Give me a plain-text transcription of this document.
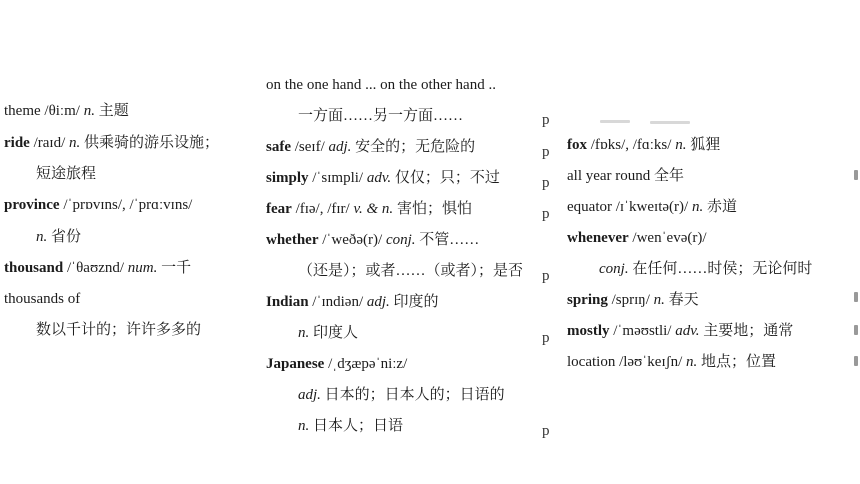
theme /θiːm/ n. 主题
ride /raɪd/ n. 供乘骑的游乐设施；
短途旅程
province /ˈprɒvɪns/, /ˈprɑːvɪns/
n. 省份
thousand /ˈθaʊznd/ num. 一千
thousands of
数以千计的；许许多多的
on the one hand ... on the other hand ..
一方面……另一方面……
safe /seɪf/ adj. 安全的；无危险的
simply /ˈsɪmpli/ adv. 仅仅；只；不过
fear /fɪə/, /fɪr/ v. & n. 害怕；惧怕
whether /ˈweðə(r)/ conj. 不管……
（还是）；或者……（或者）；是否
Indian /ˈɪndiən/ adj. 印度的
n. 印度人
Japanese /ˌdʒæpəˈniːz/
adj. 日本的；日本人的；日语的
n. 日本人；日语
p
p
p
p
p
p
p
fox /fɒks/, /fɑːks/ n. 狐狸
all year round 全年
equator /ɪˈkweɪtə(r)/ n. 赤道
whenever /wenˈevə(r)/
conj. 在任何……时侯；无论何时
spring /sprɪŋ/ n. 春天
mostly /ˈməʊstli/ adv. 主要地；通常
location /ləʊˈkeɪʃn/ n. 地点；位置
